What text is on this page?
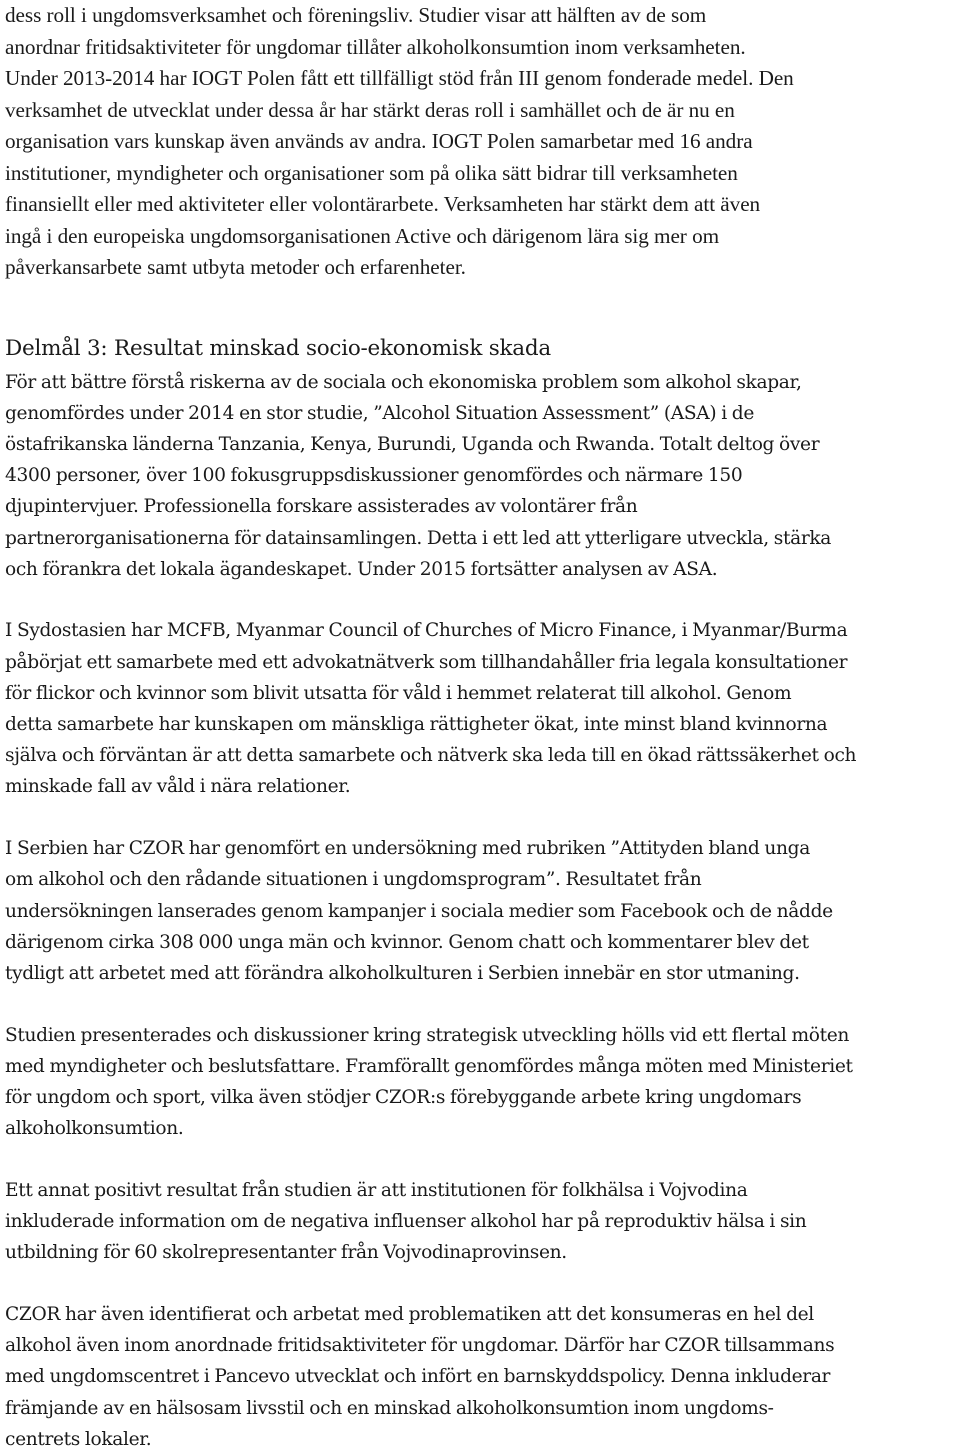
dess roll i ungdomsverksamhet och föreningsliv. Studier visar att hälften av de som
anordnar fritidsaktiviteter för ungdomar tillåter alkoholkonsumtion inom verksamheten.
Under 2013-2014 har IOGT Polen fått ett tillfälligt stöd från III genom fonderade medel. Den
verksamhet de utvecklat under dessa år har stärkt deras roll i samhället och de är nu en
organisation vars kunskap även används av andra. IOGT Polen samarbetar med 16 andra
institutioner, myndigheter och organisationer som på olika sätt bidrar till verksamheten
finansiellt eller med aktiviteter eller volontärarbete. Verksamheten har stärkt dem att även
ingå i den europeiska ungdomsorganisationen Active och därigenom lära sig mer om
påverkansarbete samt utbyta metoder och erfarenheter.

Delmål 3: Resultat minskad socio-ekonomisk skada

För att bättre förstå riskerna av de sociala och ekonomiska problem som alkohol skapar,
genomfördes under 2014 en stor studie, ”Alcohol Situation Assessment” (ASA) i de
östafrikanska länderna Tanzania, Kenya, Burundi, Uganda och Rwanda. Totalt deltog över
4300 personer, över 100 fokusgruppsdiskussioner genomfördes och närmare 150
djupintervjuer. Professionella forskare assisterades av volontärer från
partnerorganisationerna för datainsamlingen. Detta i ett led att ytterligare utveckla, stärka
och förankra det lokala ägandeskapet. Under 2015 fortsätter analysen av ASA.

I Sydostasien har MCFB, Myanmar Council of Churches of Micro Finance, i Myanmar/Burma
påbörjat ett samarbete med ett advokatnätverk som tillhandahåller fria legala konsultationer
för flickor och kvinnor som blivit utsatta för våld i hemmet relaterat till alkohol. Genom
detta samarbete har kunskapen om mänskliga rättigheter ökat, inte minst bland kvinnorna
själva och förväntan är att detta samarbete och nätverk ska leda till en ökad rättssäkerhet och
minskade fall av våld i nära relationer.

I Serbien har CZOR har genomfört en undersökning med rubriken ”Attityden bland unga
om alkohol och den rådande situationen i ungdomsprogram”. Resultatet från
undersökningen lanserades genom kampanjer i sociala medier som Facebook och de nådde
därigenom cirka 308 000 unga män och kvinnor. Genom chatt och kommentarer blev det
tydligt att arbetet med att förändra alkoholkulturen i Serbien innebär en stor utmaning.

Studien presenterades och diskussioner kring strategisk utveckling hölls vid ett flertal möten
med myndigheter och beslutsfattare. Framförallt genomfördes många möten med Ministeriet
för ungdom och sport, vilka även stödjer CZOR:s förebyggande arbete kring ungdomars
alkoholkonsumtion.

Ett annat positivt resultat från studien är att institutionen för folkhälsa i Vojvodina
inkluderade information om de negativa influenser alkohol har på reproduktiv hälsa i sin
utbildning för 60 skolrepresentanter från Vojvodinaprovinsen.

CZOR har även identifierat och arbetat med problematiken att det konsumeras en hel del
alkohol även inom anordnade fritidsaktiviteter för ungdomar. Därför har CZOR tillsammans
med ungdomscentret i Pancevo utvecklat och infört en barnskyddspolicy. Denna inkluderar
främjande av en hälsosam livsstil och en minskad alkoholkonsumtion inom ungdoms-
centrets lokaler.
